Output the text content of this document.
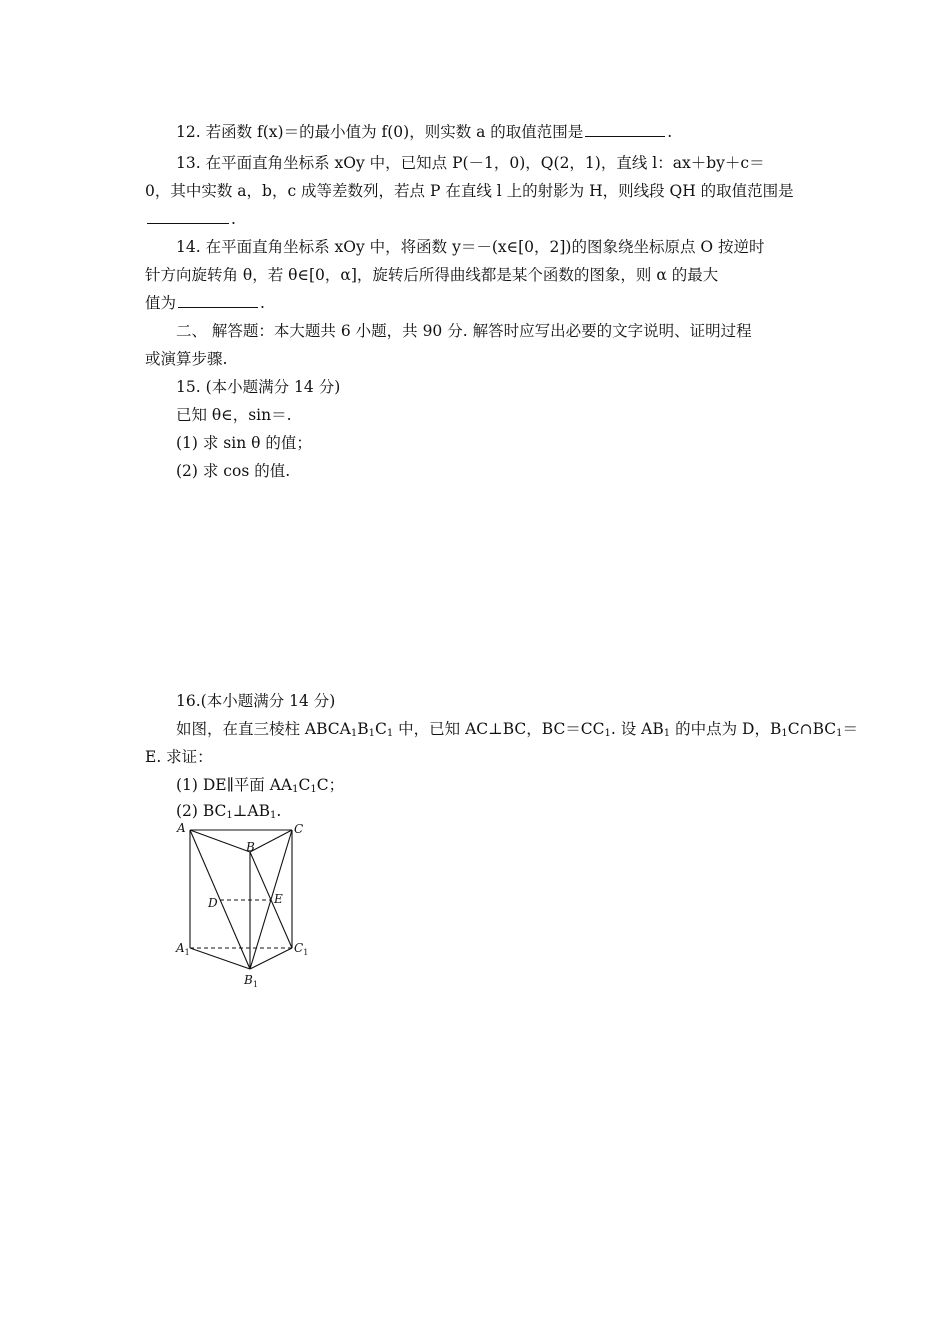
12. 若函数 f(x)＝的最小值为 f(0)，则实数 a 的取值范围是	.
13. 在平面直角坐标系 xOy 中，已知点 P(－1，0)，Q(2，1)，直线 l：ax＋by＋c＝
0，其中实数 a，b，c 成等差数列，若点 P 在直线 l 上的射影为 H，则线段 QH 的取值范围是
.
14. 在平面直角坐标系 xOy 中，将函数 y＝－(x∈[0，2])的图象绕坐标原点 O 按逆时
针方向旋转角 θ，若 θ∈[0，α]，旋转后所得曲线都是某个函数的图象，则 α 的最大
值为	.
二、 解答题：本大题共 6 小题，共 90 分. 解答时应写出必要的文字说明、证明过程
或演算步骤.
15. (本小题满分 14 分)
已知 θ∈，sin＝.
(1) 求 sin θ 的值；
(2) 求 cos 的值.
16.(本小题满分 14 分)
如图，在直三棱柱 $ABCA_1B_1C_1$ 中，已知 AC⊥BC，$BC=CC_1$. 设 $AB_1$ 的中点为 D，$B_1C\cap BC_1=$
E. 求证：
(1) DE∥平面 $AA_1C_1C$；
(2) $BC_1\perp AB_1$.
A	C
B
D	E
$A_1$	$C_1$
$B_1$
